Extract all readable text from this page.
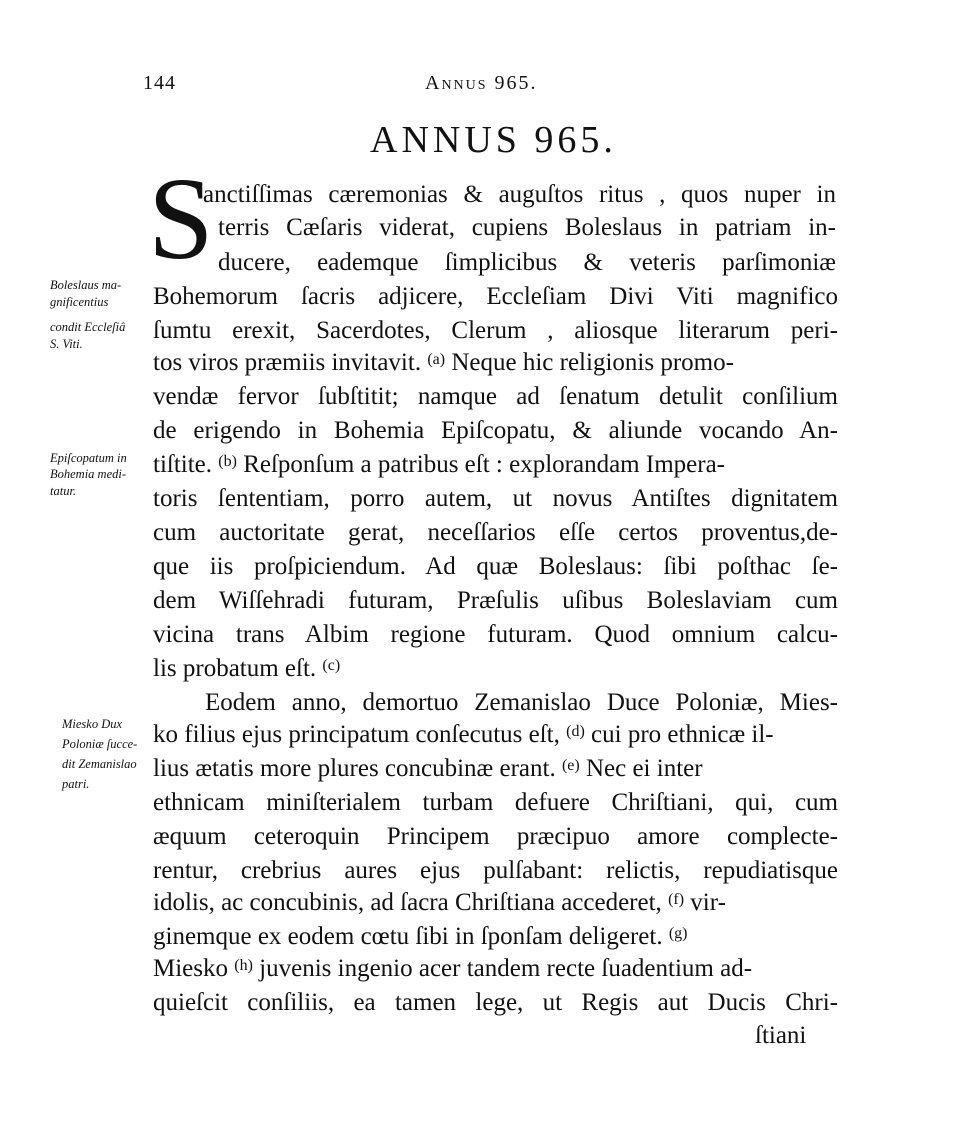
144	Annus 965.
ANNUS 965.
S
Boleslaus ma-
gnificentius
condit Eccleſiâ
S. Viti.
Epiſcopatum in
Bohemia medi-
tatur.
Miesko Dux
Poloniæ ſucce-
dit Zemanislao
patri.
anctiſſimas cæremonias & auguſtos ritus , quos nuper in
terris Cæſaris viderat, cupiens Boleslaus in patriam in-
ducere, eademque ſimplicibus & veteris parſimoniæ
Bohemorum ſacris adjicere, Eccleſiam Divi Viti magnifico
ſumtu erexit, Sacerdotes, Clerum , aliosque literarum peri-
tos viros præmiis invitavit. $^{(a)}$ Neque hic religionis promo-
vendæ fervor ſubſtitit; namque ad ſenatum detulit conſilium
de erigendo in Bohemia Epiſcopatu, & aliunde vocando An-
tiſtite. $^{(b)}$ Reſponſum a patribus eſt : explorandam Impera-
toris ſententiam, porro autem, ut novus Antiſtes dignitatem
cum auctoritate gerat, neceſſarios eſſe certos proventus,de-
que iis proſpiciendum. Ad quæ Boleslaus: ſibi poſthac ſe-
dem Wiſſehradi futuram, Præſulis uſibus Boleslaviam cum
vicina trans Albim regione futuram. Quod omnium calcu-
lis probatum eſt. $^{(c)}$
Eodem anno, demortuo Zemanislao Duce Poloniæ, Mies-
ko filius ejus principatum conſecutus eſt, $^{(d)}$ cui pro ethnicæ il-
lius ætatis more plures concubinæ erant. $^{(e)}$ Nec ei inter
ethnicam miniſterialem turbam defuere Chriſtiani, qui, cum
æquum ceteroquin Principem præcipuo amore complecte-
rentur, crebrius aures ejus pulſabant: relictis, repudiatisque
idolis, ac concubinis, ad ſacra Chriſtiana accederet, $^{(f)}$ vir-
ginemque ex eodem cœtu ſibi in ſponſam deligeret. $^{(g)}$
Miesko $^{(h)}$ juvenis ingenio acer tandem recte ſuadentium ad-
quieſcit conſiliis, ea tamen lege, ut Regis aut Ducis Chri-
ſtiani
